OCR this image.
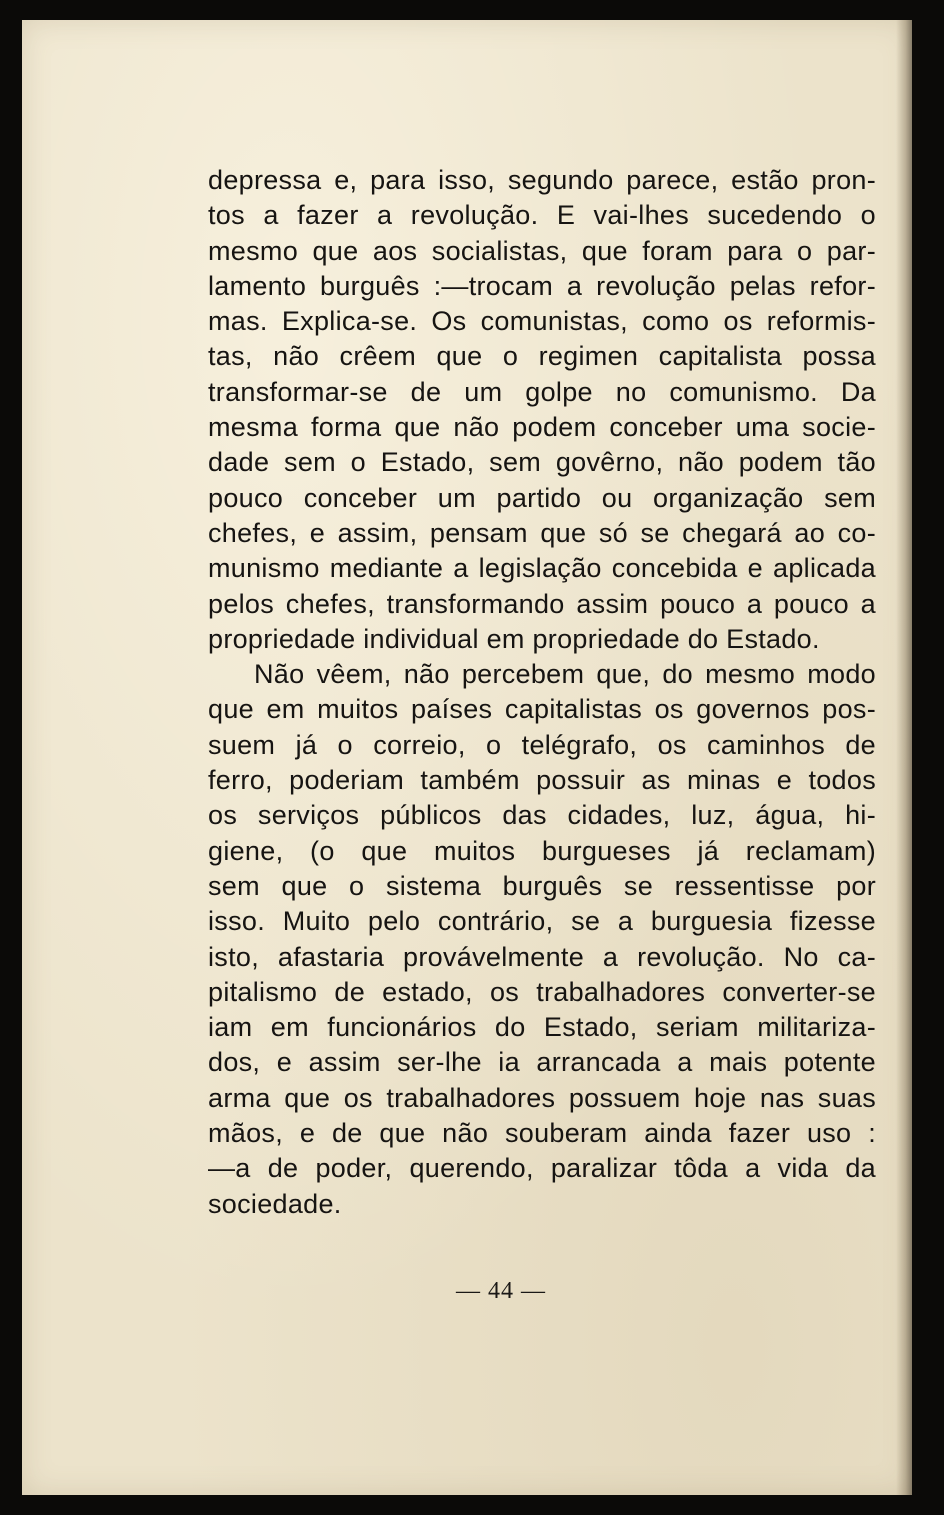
depressa e, para isso, segundo parece, estão pron-
tos a fazer a revolução. E vai-lhes sucedendo o
mesmo que aos socialistas, que foram para o par-
lamento burguês :—trocam a revolução pelas refor-
mas. Explica-se. Os comunistas, como os reformis-
tas, não crêem que o regimen capitalista possa
transformar-se de um golpe no comunismo. Da
mesma forma que não podem conceber uma socie-
dade sem o Estado, sem govêrno, não podem tão
pouco conceber um partido ou organização sem
chefes, e assim, pensam que só se chegará ao co-
munismo mediante a legislação concebida e aplicada
pelos chefes, transformando assim pouco a pouco a
propriedade individual em propriedade do Estado.
Não vêem, não percebem que, do mesmo modo
que em muitos países capitalistas os governos pos-
suem já o correio, o telégrafo, os caminhos de
ferro, poderiam também possuir as minas e todos
os serviços públicos das cidades, luz, água, hi-
giene, (o que muitos burgueses já reclamam)
sem que o sistema burguês se ressentisse por
isso. Muito pelo contrário, se a burguesia fizesse
isto, afastaria provávelmente a revolução. No ca-
pitalismo de estado, os trabalhadores converter-se
iam em funcionários do Estado, seriam militariza-
dos, e assim ser-lhe ia arrancada a mais potente
arma que os trabalhadores possuem hoje nas suas
mãos, e de que não souberam ainda fazer uso :
—a de poder, querendo, paralizar tôda a vida da
sociedade.
— 44 —
